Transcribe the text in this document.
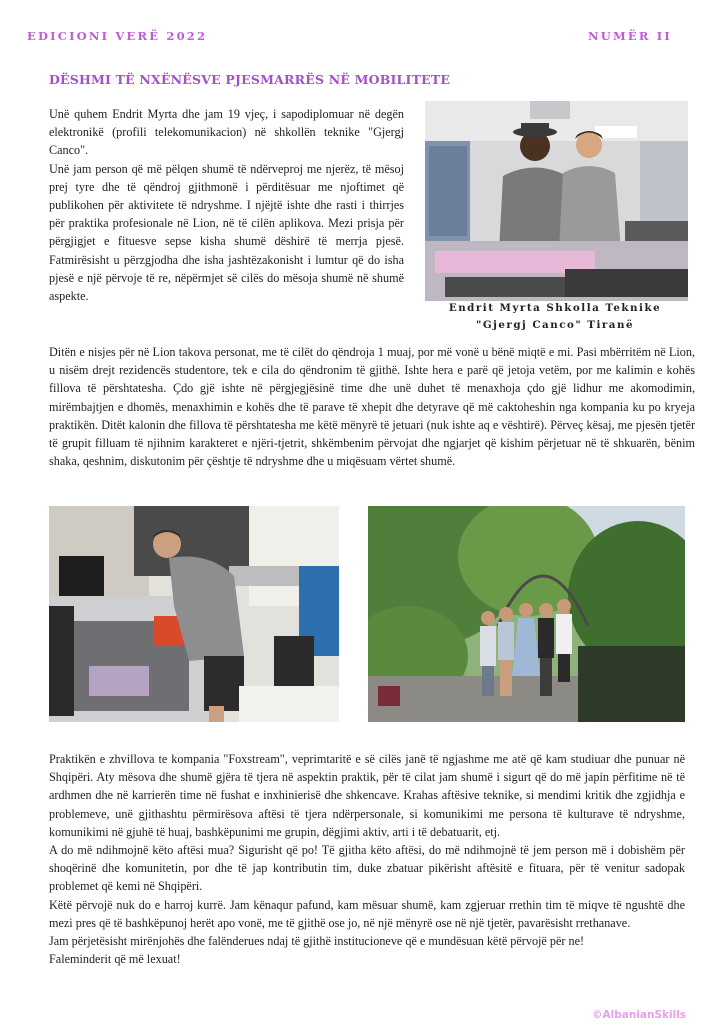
EDICIONI VERË 2022	NUMËR II
DËSHMI TË NXËNËSVE PJESMARRËS NË MOBILITETE

Unë quhem Endrit Myrta dhe jam 19 vjeç, i sapodiplomuar në degën elektronikë (profili telekomunikacion) në shkollën teknike "Gjergj Canco".

Unë jam person që më pëlqen shumë të ndërveproj me njerëz, të mësoj prej tyre dhe të qëndroj gjithmonë i përditësuar me njoftimet që publikohen për aktivitete të ndryshme. I njëjtë ishte dhe rasti i thirrjes për praktika profesionale në Lion, në të cilën aplikova. Mezi prisja për përgjigjet e fituesve sepse kisha shumë dëshirë të merrja pjesë. Fatmirësisht u përzgjodha dhe isha jashtëzakonisht i lumtur që do isha pjesë e një përvoje të re, nëpërmjet së cilës do mësoja shumë në shumë aspekte.

Endrit Myrta Shkolla Teknike
"Gjergj Canco" Tiranë

Ditën e nisjes për në Lion takova personat, me të cilët do qëndroja 1 muaj, por më vonë u bënë miqtë e mi. Pasi mbërritëm në Lion, u nisëm drejt rezidencës studentore, tek e cila do qëndronim të gjithë. Ishte hera e parë që jetoja vetëm, por me kalimin e kohës fillova të përshtatesha. Çdo gjë ishte në përgjegjësinë time dhe unë duhet të menaxhoja çdo gjë lidhur me akomodimin, mirëmbajtjen e dhomës, menaxhimin e kohës dhe të parave të xhepit dhe detyrave që më caktoheshin nga kompania ku po kryeja praktikën. Ditët kalonin dhe fillova të përshtatesha me këtë mënyrë të jetuari (nuk ishte aq e vështirë). Përveç kësaj, me pjesën tjetër të grupit filluam të njihnim karakteret e njëri-tjetrit, shkëmbenim përvojat dhe ngjarjet që kishim përjetuar në të shkuarën, bënim shaka, qeshnim, diskutonim për çështje të ndryshme dhe u miqësuam vërtet shumë.

Praktikën e zhvillova te kompania "Foxstream", veprimtaritë e së cilës janë të ngjashme me atë që kam studiuar dhe punuar në Shqipëri. Aty mësova dhe shumë gjëra të tjera në aspektin praktik, për të cilat jam shumë i sigurt që do më japin përfitime në të ardhmen dhe në karrierën time në fushat e inxhinierisë dhe shkencave. Krahas aftësive teknike, si mendimi kritik dhe zgjidhja e problemeve, unë gjithashtu përmirësova aftësi të tjera ndërpersonale, si komunikimi me persona të kulturave të ndryshme, komunikimi në gjuhë të huaj, bashkëpunimi me grupin, dëgjimi aktiv, arti i të debatuarit, etj.

A do më ndihmojnë këto aftësi mua? Sigurisht që po! Të gjitha këto aftësi, do më ndihmojnë të jem person më i dobishëm për shoqërinë dhe komunitetin, por dhe të jap kontributin tim, duke zbatuar pikërisht aftësitë e fituara, për të venitur sadopak problemet që kemi në Shqipëri.

Këtë përvojë nuk do e harroj kurrë. Jam kënaqur pafund, kam mësuar shumë, kam zgjeruar rrethin tim të miqve të ngushtë dhe mezi pres që të bashkëpunoj herët apo vonë, me të gjithë ose jo, në një mënyrë ose në një tjetër, pavarësisht rrethanave.

Jam përjetësisht mirënjohës dhe falënderues ndaj të gjithë institucioneve që e mundësuan këtë përvojë për ne!

Faleminderit që më lexuat!

©AlbanianSkills
